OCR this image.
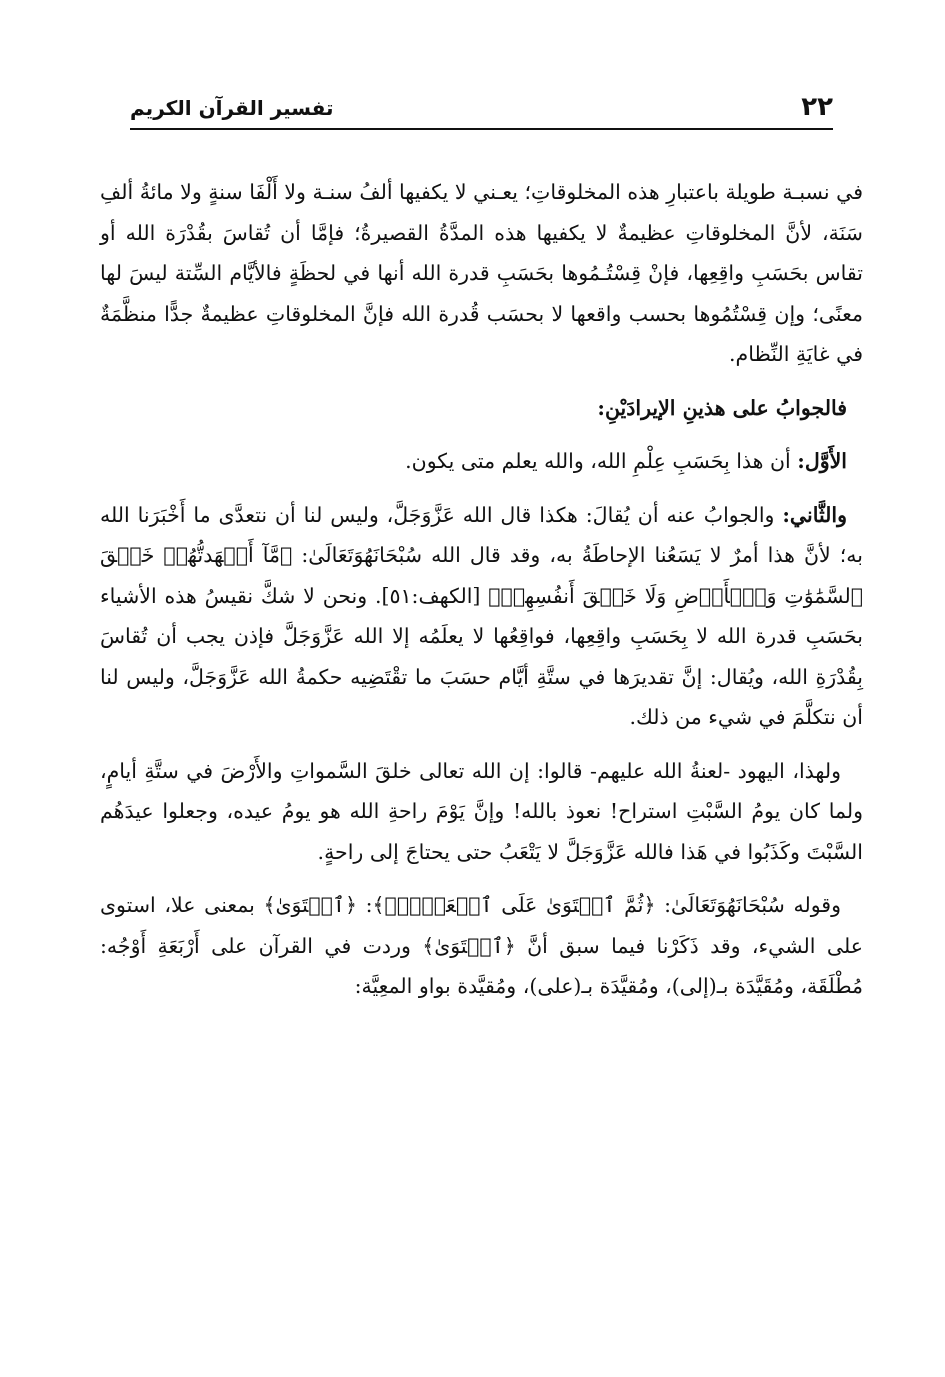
٢٢
تفسير القرآن الكريم

في نسبـة طويلة باعتبارِ هذه المخلوقاتِ؛ يعـني لا يكفيها ألفُ سنـة ولا أَلْفَا سنةٍ ولا مائةُ ألفِ سَنَة، لأنَّ المخلوقاتِ عظيمةٌ لا يكفيها هذه المدَّةُ القصيرةُ؛ فإمَّا أن تُقاسَ بقُدْرَة الله أو تقاس بحَسَبِ واقِعِها، فإنْ قِسْتُـمُوها بحَسَبِ قدرة الله أنها في لحظَةٍ فالأيَّام السِّتة ليسَ لها معنًى؛ وإن قِسْتُمُوها بحسب واقعها لا بحسَب قُدرة الله فإنَّ المخلوقاتِ عظيمةٌ جدًّا منظَّمَةٌ في غايَةِ النِّظام.

فالجوابُ على هذينِ الإيرادَيْنِ:

الأَوَّل: أن هذا بِحَسَبِ عِلْمِ الله، والله يعلم متى يكون.

والثَّاني: والجوابُ عنه أن يُقالَ: هكذا قال الله عَزَّوَجَلَّ، وليس لنا أن نتعدَّى ما أَخْبَرَنا الله به؛ لأنَّ هذا أمرٌ لا يَسَعُنا الإحاطَةُ به، وقد قال الله سُبْحَانَهُوَتَعَالَىٰ: ﴿مَّآ أَشۡهَدتُّهُمۡ خَلۡقَ ٱلسَّمَٰوَٰتِ وَٱلۡأَرۡضِ وَلَا خَلۡقَ أَنفُسِهِمۡ﴾ [الكهف:٥١]. ونحن لا شكَّ نقيسُ هذه الأشياء بحَسَبِ قدرة الله لا بِحَسَبِ واقِعِها، فواقِعُها لا يعلَمُه إلا الله عَزَّوَجَلَّ فإذن يجب أن تُقاسَ بِقُدْرَةِ الله، ويُقال: إنَّ تقديرَها في ستَّةِ أيَّام حسَبَ ما تقْتَضِيه حكمةُ الله عَزَّوَجَلَّ، وليس لنا أن نتكلَّمَ في شيء من ذلك.

ولهذا، اليهود -لعنةُ الله عليهم- قالوا: إن الله تعالى خلقَ السَّمواتِ والأَرْضَ في ستَّةِ أيامٍ، ولما كان يومُ السَّبْتِ استراح! نعوذ بالله! وإنَّ يَوْمَ راحةِ الله هو يومُ عيده، وجعلوا عيدَهُم السَّبْتَ وكَذَبُوا في هَذا فالله عَزَّوَجَلَّ لا يَتْعَبُ حتى يحتاجَ إلى راحةٍ.

وقوله سُبْحَانَهُوَتَعَالَىٰ: ﴿ثُمَّ ٱسۡتَوَىٰ عَلَى ٱلۡعَرۡشِۖ﴾: ﴿ٱسۡتَوَىٰ﴾ بمعنى علا، استوى على الشيء، وقد ذَكَرْنا فيما سبق أنَّ ﴿ٱسۡتَوَىٰ﴾ وردت في القرآن على أَرْبَعَةِ أَوْجُه: مُطْلَقَة، ومُقَيَّدَة بـ(إلى)، ومُقيَّدَة بـ(على)، ومُقيَّدة بواو المعِيَّة:
